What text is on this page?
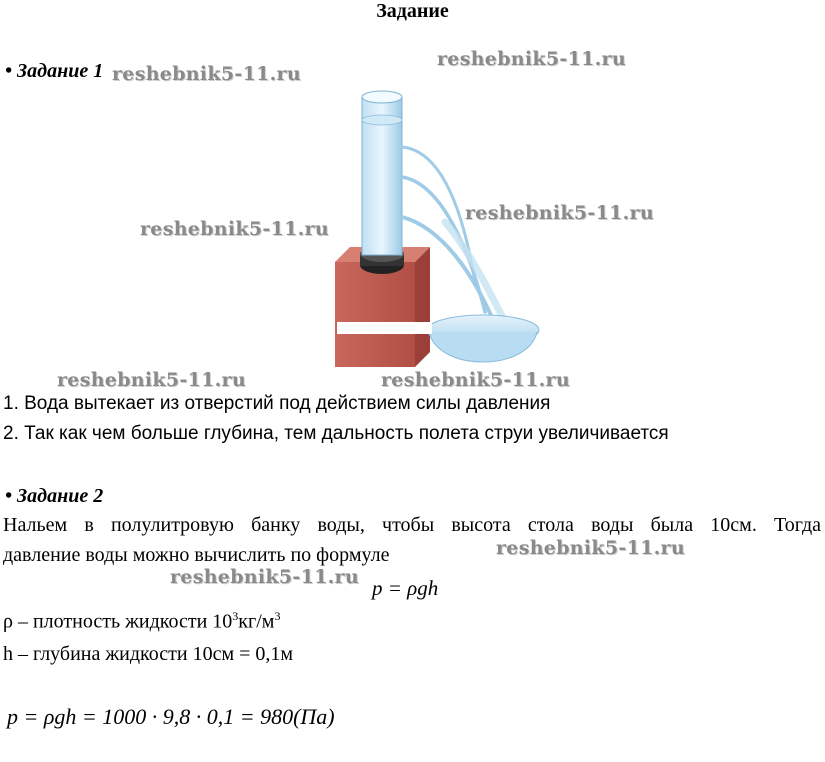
Задание
• Задание 1 reshebnik5-11.ru
reshebnik5-11.ru
reshebnik5-11.ru
reshebnik5-11.ru
reshebnik5-11.ru	reshebnik5-11.ru
1. Вода вытекает из отверстий под действием силы давления
2. Так как чем больше глубина, тем дальность полета струи увеличивается
• Задание 2
Нальем в полулитровую банку воды, чтобы высота стола воды была 10см. Тогда
давление воды можно вычислить по формуле	reshebnik5-11.ru
reshebnik5-11.ru p = ρgh
ρ – плотность жидкости $10^3кг/м^3$
h – глубина жидкости 10см = 0,1м
p = ρgh = 1000 · 9,8 · 0,1 = 980(Па)
